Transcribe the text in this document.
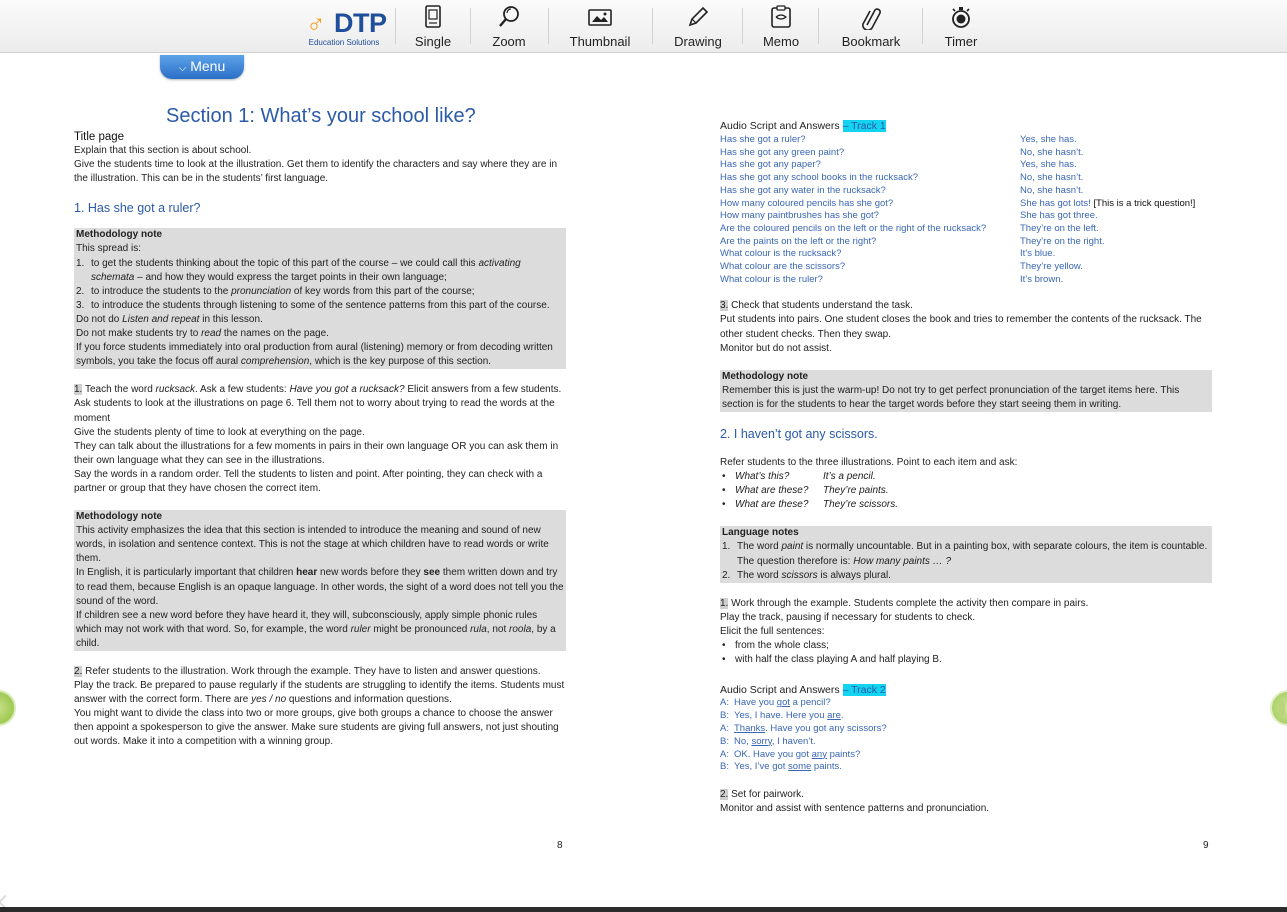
♂ DTP
Education Solutions	Single	Zoom	Thumbnail	Drawing	Memo	Bookmark	Timer
⌵ Menu
Section 1: What’s your school like?
Title page

Explain that this section is about school.

Give the students time to look at the illustration. Get them to identify the characters and say where they are in the illustration. This can be in the students’ first language.

1. Has she got a ruler?

Methodology note

This spread is:

1. to get the students thinking about the topic of this part of the course – we could call this activating schemata – and how they would express the target points in their own language;
2. to introduce the students to the pronunciation of key words from this part of the course;
3. to introduce the students through listening to some of the sentence patterns from this part of the course.

Do not do Listen and repeat in this lesson.

Do not make students try to read the names on the page.

If you force students immediately into oral production from aural (listening) memory or from decoding written symbols, you take the focus off aural comprehension, which is the key purpose of this section.

1. Teach the word rucksack. Ask a few students: Have you got a rucksack? Elicit answers from a few students.

Ask students to look at the illustrations on page 6. Tell them not to worry about trying to read the words at the moment

Give the students plenty of time to look at everything on the page.

They can talk about the illustrations for a few moments in pairs in their own language OR you can ask them in their own language what they can see in the illustrations.

Say the words in a random order. Tell the students to listen and point. After pointing, they can check with a partner or group that they have chosen the correct item.

Methodology note

This activity emphasizes the idea that this section is intended to introduce the meaning and sound of new words, in isolation and sentence context. This is not the stage at which children have to read words or write them.

In English, it is particularly important that children hear new words before they see them written down and try to read them, because English is an opaque language. In other words, the sight of a word does not tell you the sound of the word.

If children see a new word before they have heard it, they will, subconsciously, apply simple phonic rules which may not work with that word. So, for example, the word ruler might be pronounced rula, not roola, by a child.

2. Refer students to the illustration. Work through the example. They have to listen and answer questions.

Play the track. Be prepared to pause regularly if the students are struggling to identify the items. Students must answer with the correct form. There are yes / no questions and information questions.

You might want to divide the class into two or more groups, give both groups a chance to choose the answer then appoint a spokesperson to give the answer. Make sure students are giving full answers, not just shouting out words. Make it into a competition with a winning group.

8

Audio Script and Answers – Track 1

Has she got a ruler?	Yes, she has.
Has she got any green paint?	No, she hasn’t.
Has she got any paper?	Yes, she has.
Has she got any school books in the rucksack?	No, she hasn’t.
Has she got any water in the rucksack?	No, she hasn’t.
How many coloured pencils has she got?	She has got lots! [This is a trick question!]
How many paintbrushes has she got?	She has got three.
Are the coloured pencils on the left or the right of the rucksack?	They’re on the left.
Are the paints on the left or the right?	They’re on the right.
What colour is the rucksack?	It’s blue.
What colour are the scissors?	They’re yellow.
What colour is the ruler?	It’s brown.

3. Check that students understand the task.

Put students into pairs. One student closes the book and tries to remember the contents of the rucksack. The other student checks. Then they swap.

Monitor but do not assist.

Methodology note

Remember this is just the warm-up! Do not try to get perfect pronunciation of the target items here. This section is for the students to hear the target words before they start seeing them in writing.

2. I haven’t got any scissors.

Refer students to the three illustrations. Point to each item and ask:

• What’s this?	It’s a pencil.
• What are these? They’re paints.
• What are these? They’re scissors.

Language notes

1. The word paint is normally uncountable. But in a painting box, with separate colours, the item is countable. The question therefore is: How many paints … ?
2. The word scissors is always plural.

1. Work through the example. Students complete the activity then compare in pairs.

Play the track, pausing if necessary for students to check.

Elicit the full sentences:

• from the whole class;
• with half the class playing A and half playing B.

Audio Script and Answers – Track 2

A: Have you got a pencil?
B: Yes, I have. Here you are.
A: Thanks. Have you got any scissors?
B: No, sorry, I haven’t.
A: OK. Have you got any paints?
B: Yes, I’ve got some paints.

2. Set for pairwork.

Monitor and assist with sentence patterns and pronunciation.

9
